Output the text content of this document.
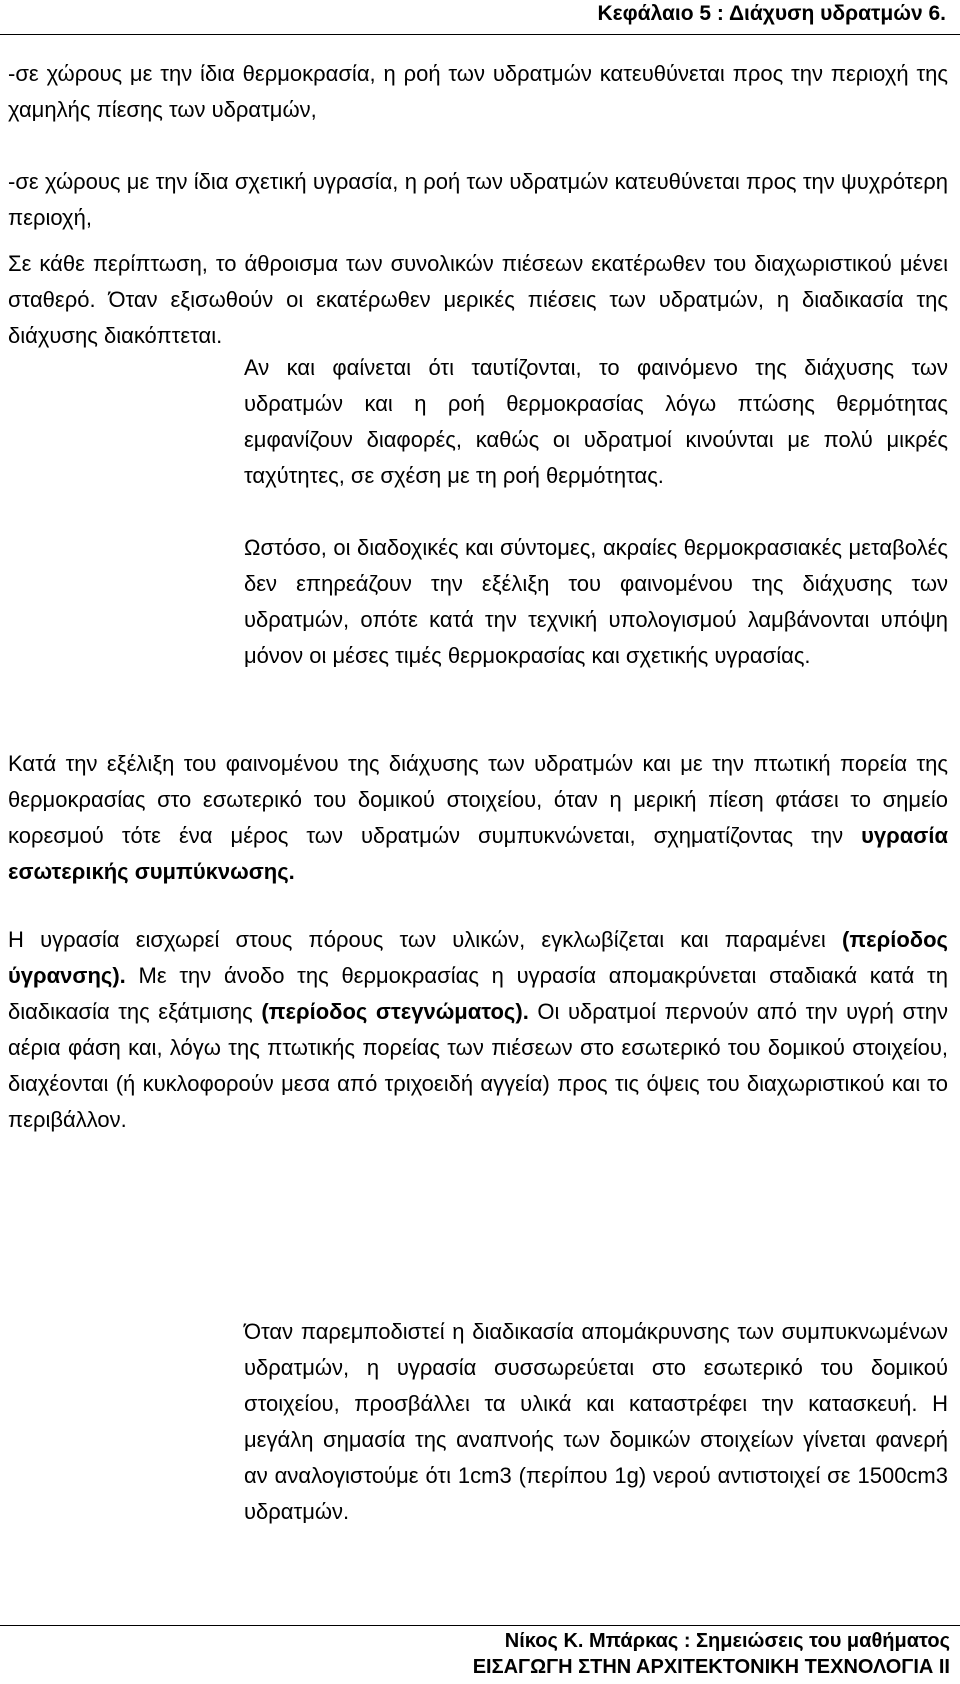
Κεφάλαιο 5 : Διάχυση υδρατμών 6.

-σε χώρους με την ίδια θερμοκρασία, η ροή των υδρατμών κατευθύνεται προς την περιοχή της χαμηλής πίεσης των υδρατμών,

-σε χώρους με την ίδια σχετική υγρασία, η ροή των υδρατμών κατευθύνεται προς την ψυχρότερη περιοχή,

Σε κάθε περίπτωση, το άθροισμα των συνολικών πιέσεων εκατέρωθεν του διαχωριστικού μένει σταθερό. Όταν εξισωθούν οι εκατέρωθεν μερικές πιέσεις των υδρατμών, η διαδικασία της διάχυσης διακόπτεται.

Αν και φαίνεται ότι ταυτίζονται, το φαινόμενο της διάχυσης των υδρατμών και η ροή θερμοκρασίας λόγω πτώσης θερμότητας εμφανίζουν διαφορές, καθώς οι υδρατμοί κινούνται με πολύ μικρές ταχύτητες, σε σχέση με τη ροή θερμότητας.

Ωστόσο, οι διαδοχικές και σύντομες, ακραίες θερμοκρασιακές μεταβολές δεν επηρεάζουν την εξέλιξη του φαινομένου της διάχυσης των υδρατμών, οπότε κατά την τεχνική υπολογισμού λαμβάνονται υπόψη μόνον οι μέσες τιμές θερμοκρασίας και σχετικής υγρασίας.

Κατά την εξέλιξη του φαινομένου της διάχυσης των υδρατμών και με την πτωτική πορεία της θερμοκρασίας στο εσωτερικό του δομικού στοιχείου, όταν η μερική πίεση φτάσει το σημείο κορεσμού τότε ένα μέρος των υδρατμών συμπυκνώνεται, σχηματίζοντας την υγρασία εσωτερικής συμπύκνωσης.

Η υγρασία εισχωρεί στους πόρους των υλικών, εγκλωβίζεται και παραμένει (περίοδος ύγρανσης). Με την άνοδο της θερμοκρασίας η υγρασία απομακρύνεται σταδιακά κατά τη διαδικασία της εξάτμισης (περίοδος στεγνώματος). Οι υδρατμοί περνούν από την υγρή στην αέρια φάση και, λόγω της πτωτικής πορείας των πιέσεων στο εσωτερικό του δομικού στοιχείου, διαχέονται (ή κυκλοφορούν μεσα από τριχοειδή αγγεία) προς τις όψεις του διαχωριστικού και το περιβάλλον.

Όταν παρεμποδιστεί η διαδικασία απομάκρυνσης των συμπυκνωμένων υδρατμών, η υγρασία συσσωρεύεται στο εσωτερικό του δομικού στοιχείου, προσβάλλει τα υλικά και καταστρέφει την κατασκευή. Η μεγάλη σημασία της αναπνοής των δομικών στοιχείων γίνεται φανερή αν αναλογιστούμε ότι 1cm3 (περίπου 1g) νερού αντιστοιχεί σε 1500cm3 υδρατμών.

Νίκος Κ. Μπάρκας : Σημειώσεις του μαθήματος
ΕΙΣΑΓΩΓΗ ΣΤΗΝ ΑΡΧΙΤΕΚΤΟΝΙΚΗ ΤΕΧΝΟΛΟΓΙΑ ΙΙ
